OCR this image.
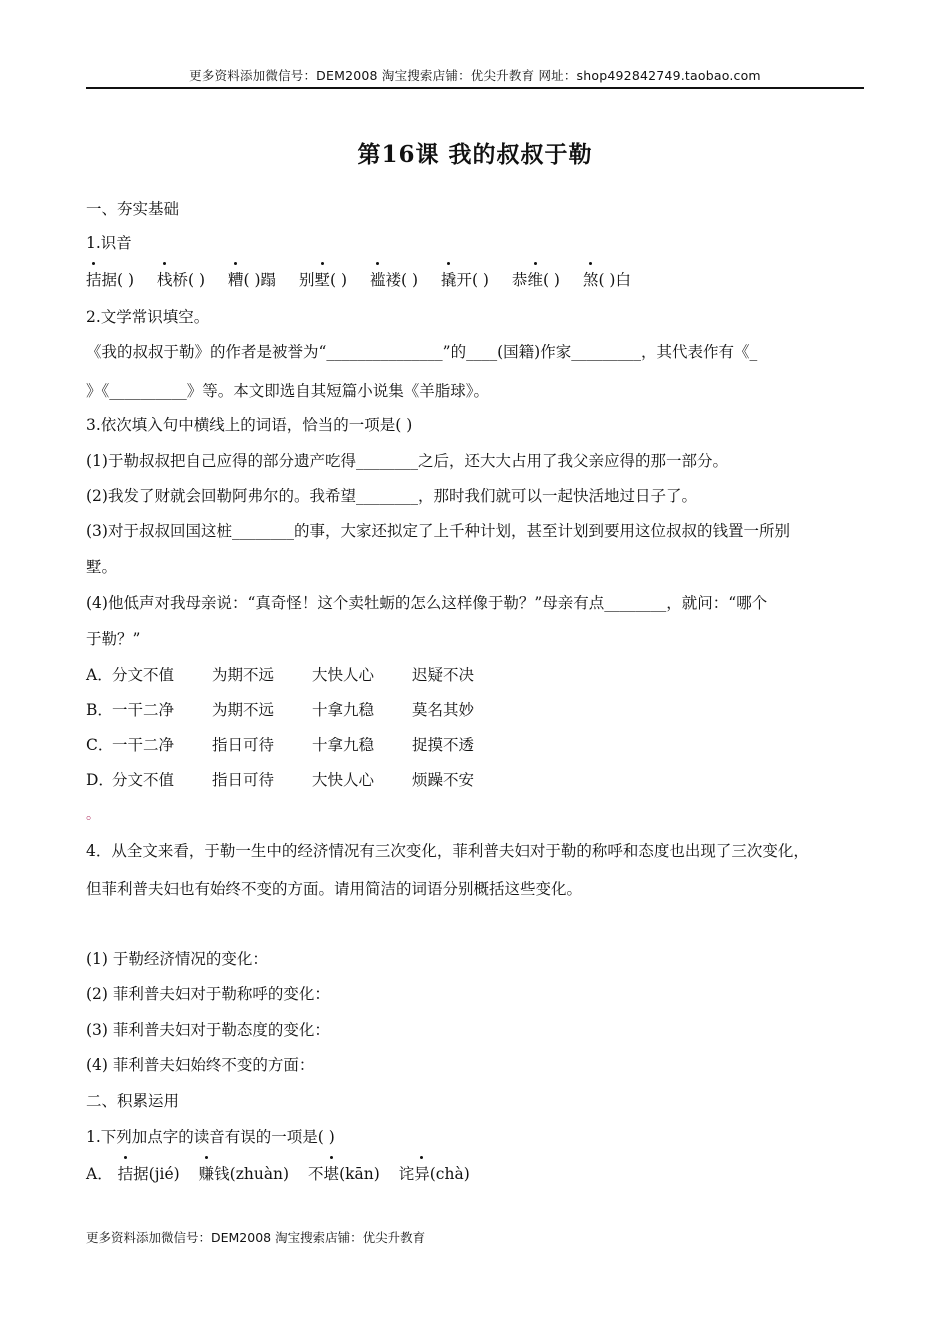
更多资料添加微信号：DEM2008 淘宝搜索店铺：优尖升教育 网址：shop492842749.taobao.com
第16课 我的叔叔于勒
一、夯实基础
1.识音
拮据( ) 栈桥( ) 糟( )蹋 别墅( ) 褴褛( ) 撬开( ) 恭维( ) 煞( )白
2.文学常识填空。
《我的叔叔于勒》的作者是被誉为“_______________”的____(国籍)作家_________，其代表作有《_
》《__________》等。本文即选自其短篇小说集《羊脂球》。
3.依次填入句中横线上的词语，恰当的一项是( )
(1)于勒叔叔把自己应得的部分遗产吃得________之后，还大大占用了我父亲应得的那一部分。
(2)我发了财就会回勒阿弗尔的。我希望________，那时我们就可以一起快活地过日子了。
(3)对于叔叔回国这桩________的事，大家还拟定了上千种计划，甚至计划到要用这位叔叔的钱置一所别
墅。
(4)他低声对我母亲说：“真奇怪！这个卖牡蛎的怎么这样像于勒？”母亲有点________，就问：“哪个
于勒？”
A．分文不值 为期不远 大快人心 迟疑不决
B．一干二净 为期不远 十拿九稳 莫名其妙
C．一干二净 指日可待 十拿九稳 捉摸不透
D．分文不值 指日可待 大快人心 烦躁不安
。
4．从全文来看，于勒一生中的经济情况有三次变化，菲利普夫妇对于勒的称呼和态度也出现了三次变化，
但菲利普夫妇也有始终不变的方面。请用简洁的词语分别概括这些变化。
(1) 于勒经济情况的变化：
(2) 菲利普夫妇对于勒称呼的变化：
(3) 菲利普夫妇对于勒态度的变化：
(4) 菲利普夫妇始终不变的方面：
二、积累运用
1.下列加点字的读音有误的一项是( )
A． 拮据(jié) 赚钱(zhuàn) 不堪(kān) 诧异(chà)
更多资料添加微信号：DEM2008 淘宝搜索店铺：优尖升教育
